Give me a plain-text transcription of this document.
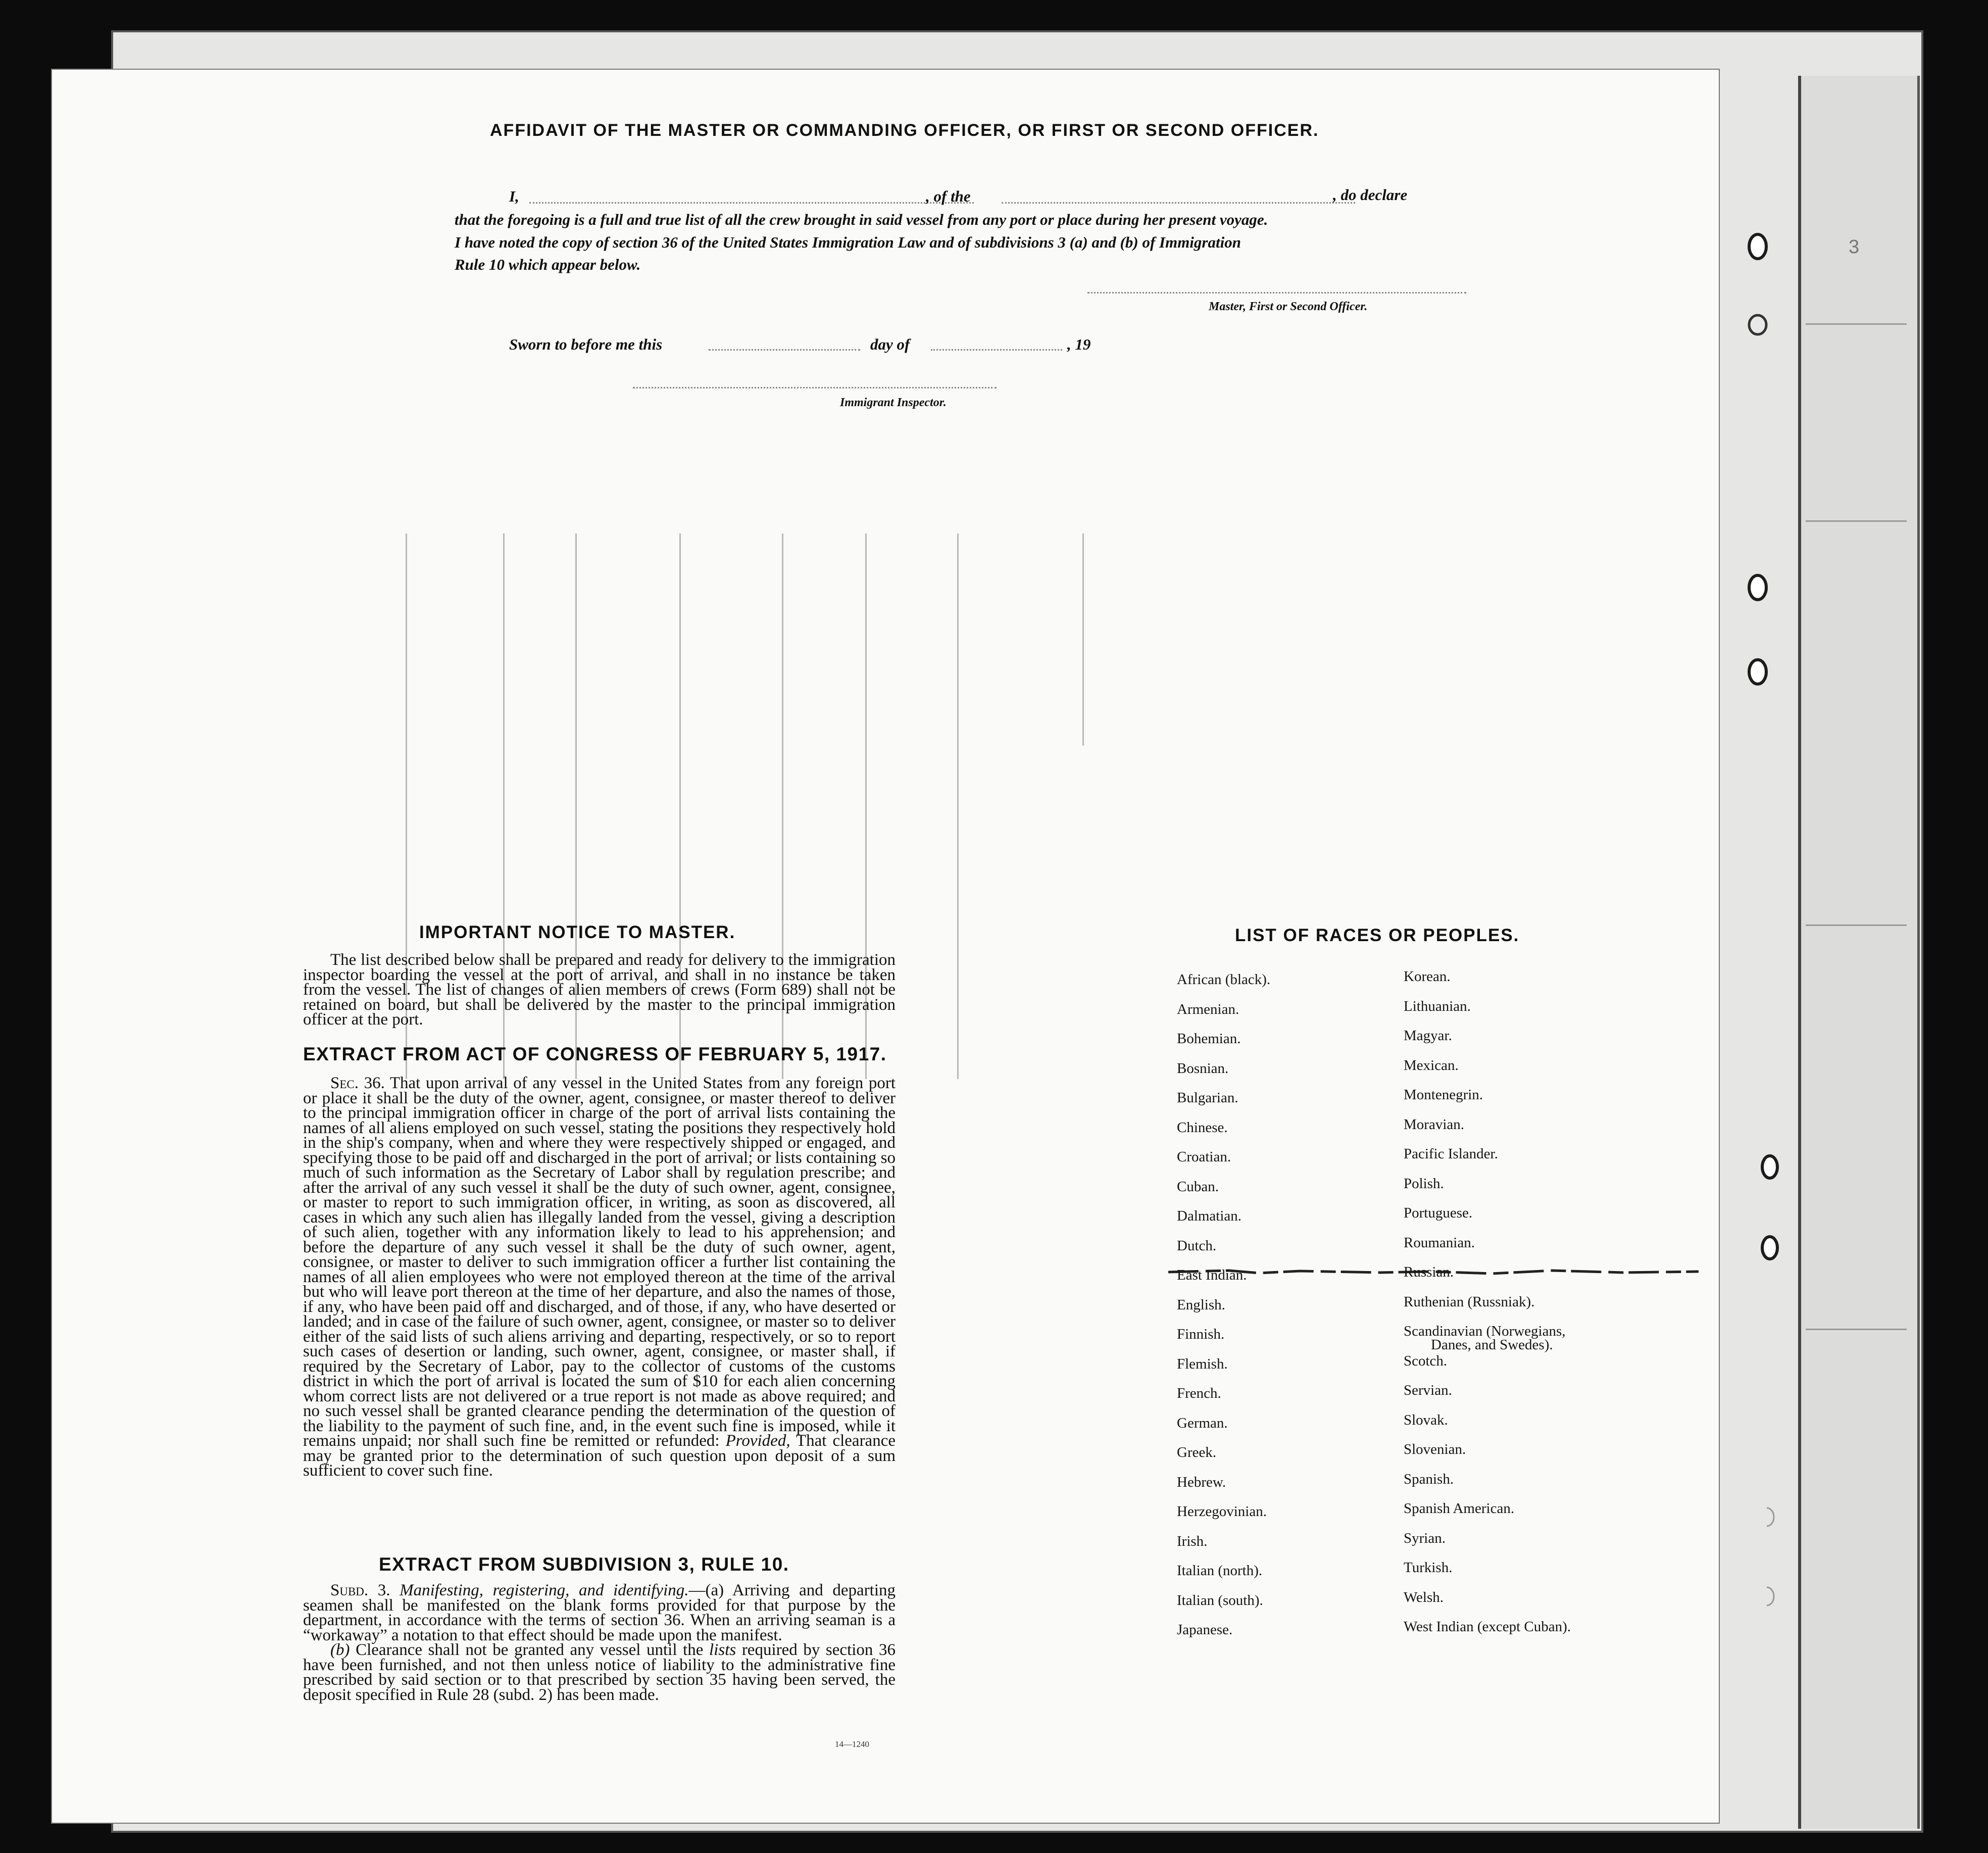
3
AFFIDAVIT OF THE MASTER OR COMMANDING OFFICER, OR FIRST OR SECOND OFFICER.
I,	, of the	, do declare
that the foregoing is a full and true list of all the crew brought in said vessel from any port or place during her present voyage.
I have noted the copy of section 36 of the United States Immigration Law and of subdivisions 3 (a) and (b) of Immigration
Rule 10 which appear below.
Master, First or Second Officer.
Sworn to before me this	day of	, 19
Immigrant Inspector.
IMPORTANT NOTICE TO MASTER.

The list described below shall be prepared and ready for delivery to the immigration inspector boarding the vessel at the port of arrival, and shall in no instance be taken from the vessel. The list of changes of alien members of crews (Form 689) shall not be retained on board, but shall be delivered by the master to the principal immigration officer at the port.

EXTRACT FROM ACT OF CONGRESS OF FEBRUARY 5, 1917.

Sec. 36. That upon arrival of any vessel in the United States from any foreign port or place it shall be the duty of the owner, agent, consignee, or master thereof to deliver to the principal immigration officer in charge of the port of arrival lists containing the names of all aliens employed on such vessel, stating the positions they respectively hold in the ship's company, when and where they were respectively shipped or engaged, and specifying those to be paid off and discharged in the port of arrival; or lists containing so much of such information as the Secretary of Labor shall by regulation prescribe; and after the arrival of any such vessel it shall be the duty of such owner, agent, consignee, or master to report to such immigration officer, in writing, as soon as discovered, all cases in which any such alien has illegally landed from the vessel, giving a description of such alien, together with any information likely to lead to his apprehension; and before the departure of any such vessel it shall be the duty of such owner, agent, consignee, or master to deliver to such immigration officer a further list containing the names of all alien employees who were not employed thereon at the time of the arrival but who will leave port thereon at the time of her departure, and also the names of those, if any, who have been paid off and discharged, and of those, if any, who have deserted or landed; and in case of the failure of such owner, agent, consignee, or master so to deliver either of the said lists of such aliens arriving and departing, respectively, or so to report such cases of desertion or landing, such owner, agent, consignee, or master shall, if required by the Secretary of Labor, pay to the collector of customs of the customs district in which the port of arrival is located the sum of $10 for each alien concerning whom correct lists are not delivered or a true report is not made as above required; and no such vessel shall be granted clearance pending the determination of the question of the liability to the payment of such fine, and, in the event such fine is imposed, while it remains unpaid; nor shall such fine be remitted or refunded: Provided, That clearance may be granted prior to the determination of such question upon deposit of a sum sufficient to cover such fine.

EXTRACT FROM SUBDIVISION 3, RULE 10.

Subd. 3. Manifesting, registering, and identifying.—(a) Arriving and departing seamen shall be manifested on the blank forms provided for that purpose by the department, in accordance with the terms of section 36. When an arriving seaman is a “workaway” a notation to that effect should be made upon the manifest.

(b) Clearance shall not be granted any vessel until the lists required by section 36 have been furnished, and not then unless notice of liability to the administrative fine prescribed by said section or to that prescribed by section 35 having been served, the deposit specified in Rule 28 (subd. 2) has been made.

14—1240
LIST OF RACES OR PEOPLES.
African (black).
Armenian.
Bohemian.
Bosnian.
Bulgarian.
Chinese.
Croatian.
Cuban.
Dalmatian.
Dutch.
East Indian.
English.
Finnish.
Flemish.
French.
German.
Greek.
Hebrew.
Herzegovinian.
Irish.
Italian (north).
Italian (south).
Japanese.
Korean.
Lithuanian.
Magyar.
Mexican.
Montenegrin.
Moravian.
Pacific Islander.
Polish.
Portuguese.
Roumanian.
Russian.
Ruthenian (Russniak).
Scandinavian (Norwegians,
Danes, and Swedes).
Scotch.
Servian.
Slovak.
Slovenian.
Spanish.
Spanish American.
Syrian.
Turkish.
Welsh.
West Indian (except Cuban).
